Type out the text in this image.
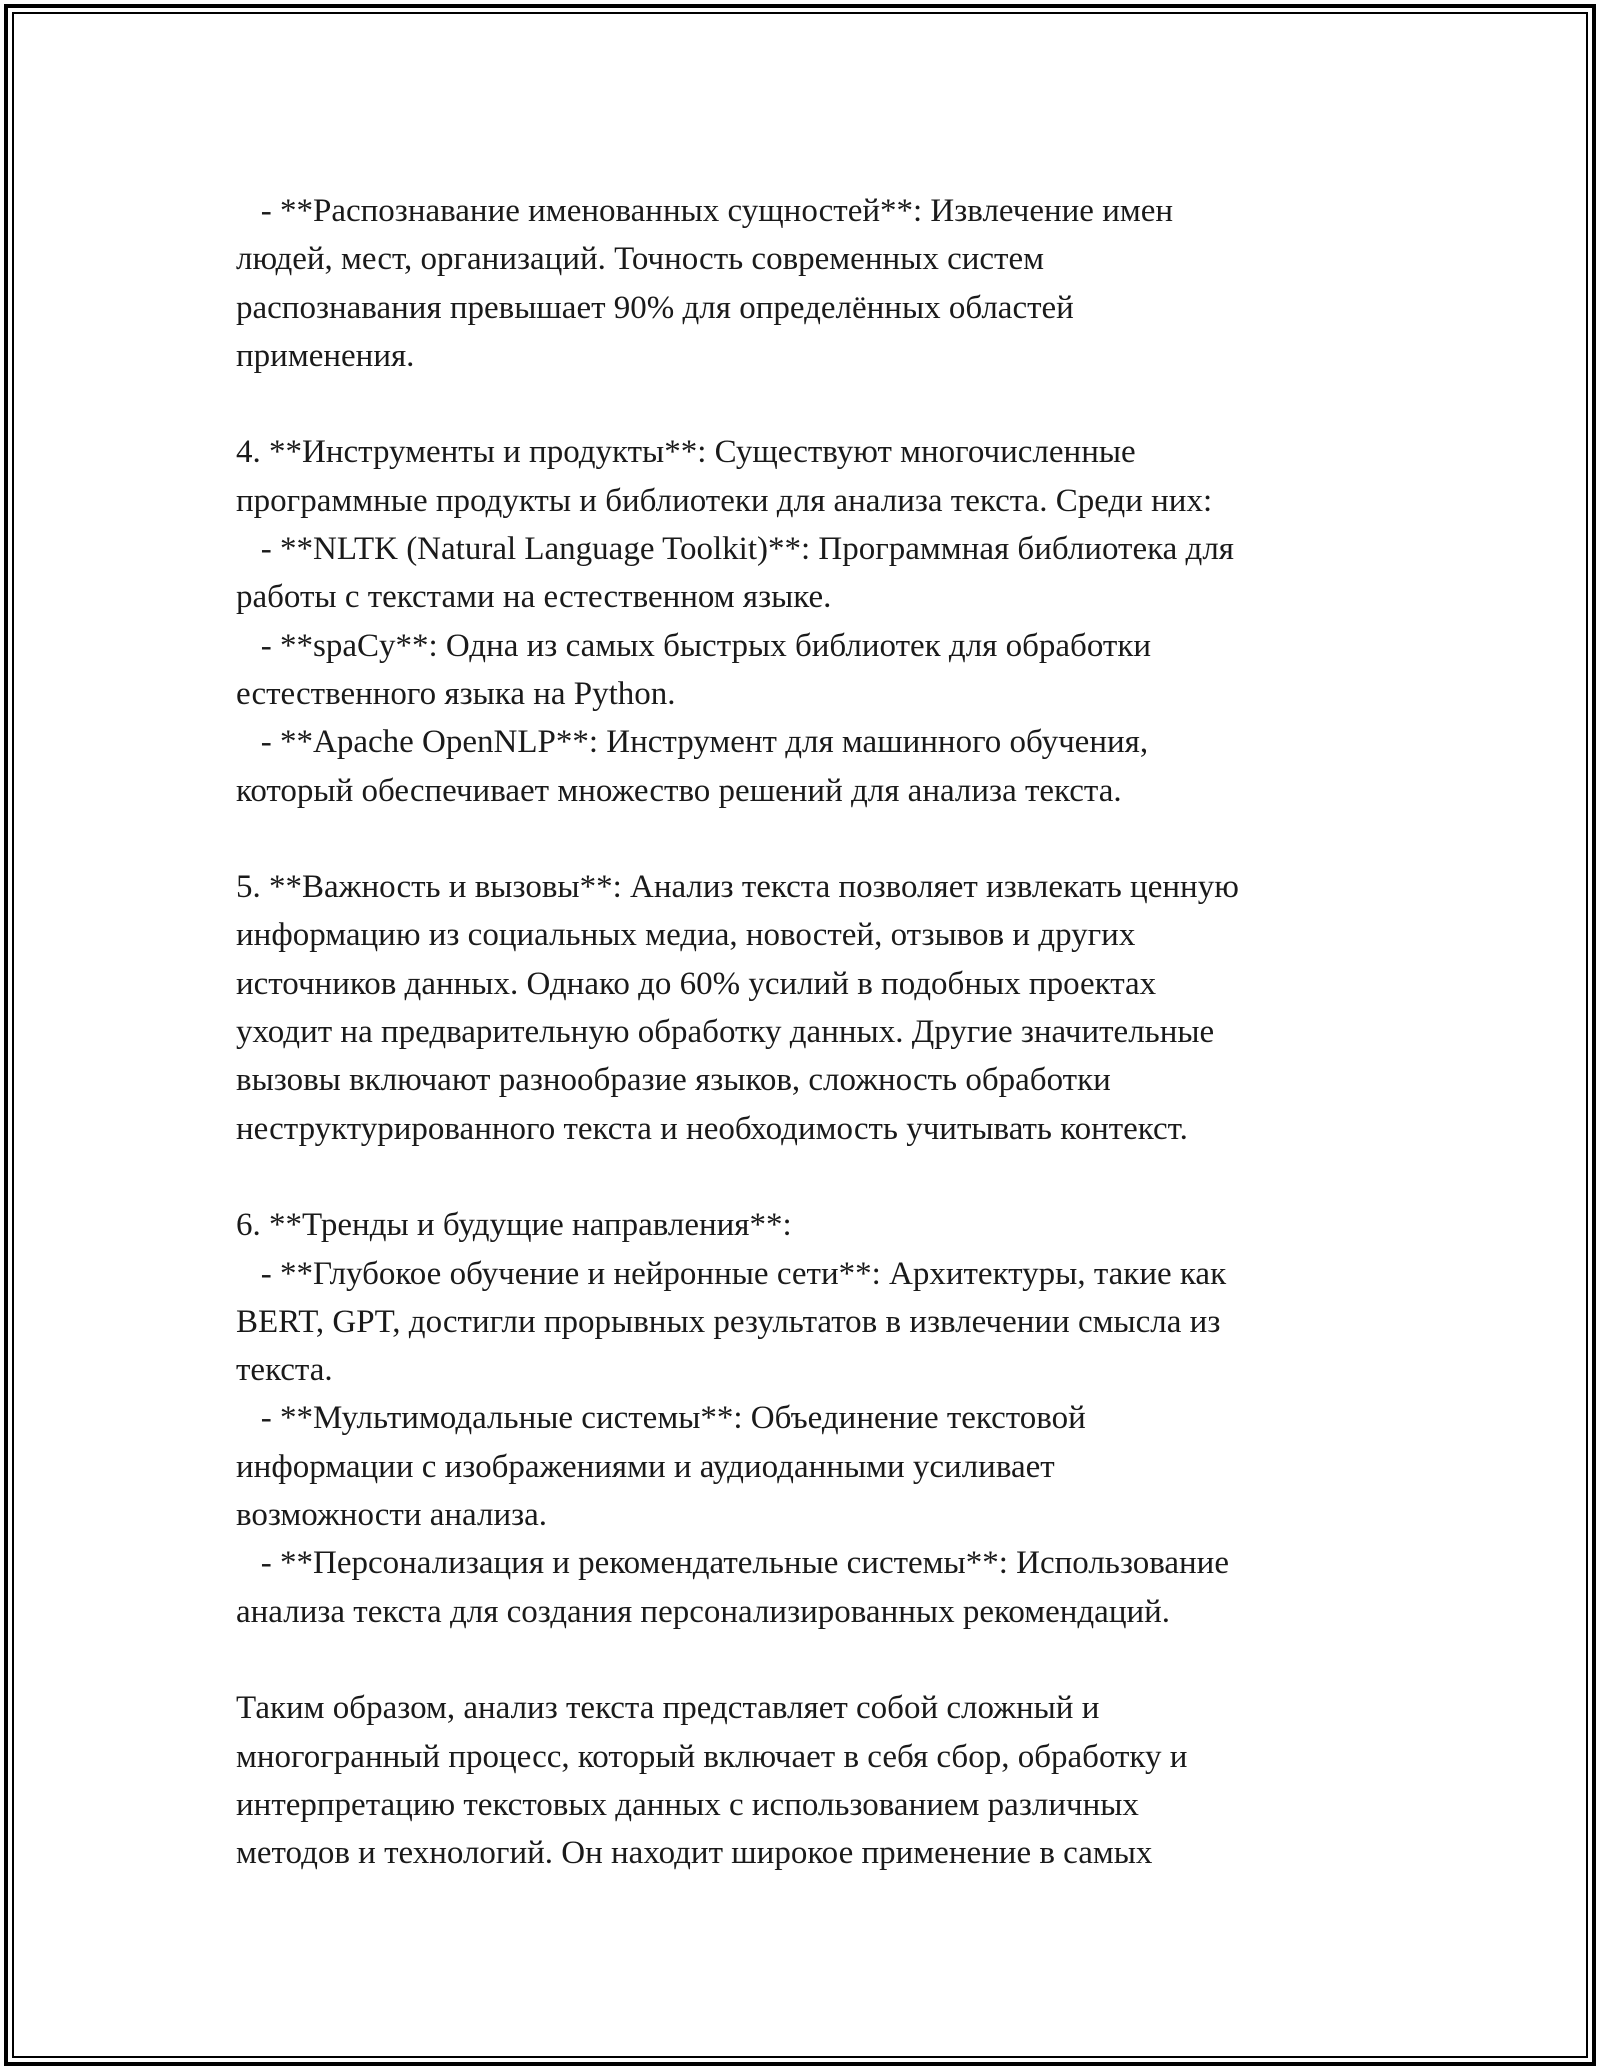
- **Распознавание именованных сущностей**: Извлечение имен
людей, мест, организаций. Точность современных систем
распознавания превышает 90% для определённых областей
применения.
4. **Инструменты и продукты**: Существуют многочисленные
программные продукты и библиотеки для анализа текста. Среди них:
- **NLTK (Natural Language Toolkit)**: Программная библиотека для
работы с текстами на естественном языке.
- **spaCy**: Одна из самых быстрых библиотек для обработки
естественного языка на Python.
- **Apache OpenNLP**: Инструмент для машинного обучения,
который обеспечивает множество решений для анализа текста.
5. **Важность и вызовы**: Анализ текста позволяет извлекать ценную
информацию из социальных медиа, новостей, отзывов и других
источников данных. Однако до 60% усилий в подобных проектах
уходит на предварительную обработку данных. Другие значительные
вызовы включают разнообразие языков, сложность обработки
неструктурированного текста и необходимость учитывать контекст.
6. **Тренды и будущие направления**:
- **Глубокое обучение и нейронные сети**: Архитектуры, такие как
BERT, GPT, достигли прорывных результатов в извлечении смысла из
текста.
- **Мультимодальные системы**: Объединение текстовой
информации с изображениями и аудиоданными усиливает
возможности анализа.
- **Персонализация и рекомендательные системы**: Использование
анализа текста для создания персонализированных рекомендаций.
Таким образом, анализ текста представляет собой сложный и
многогранный процесс, который включает в себя сбор, обработку и
интерпретацию текстовых данных с использованием различных
методов и технологий. Он находит широкое применение в самых
